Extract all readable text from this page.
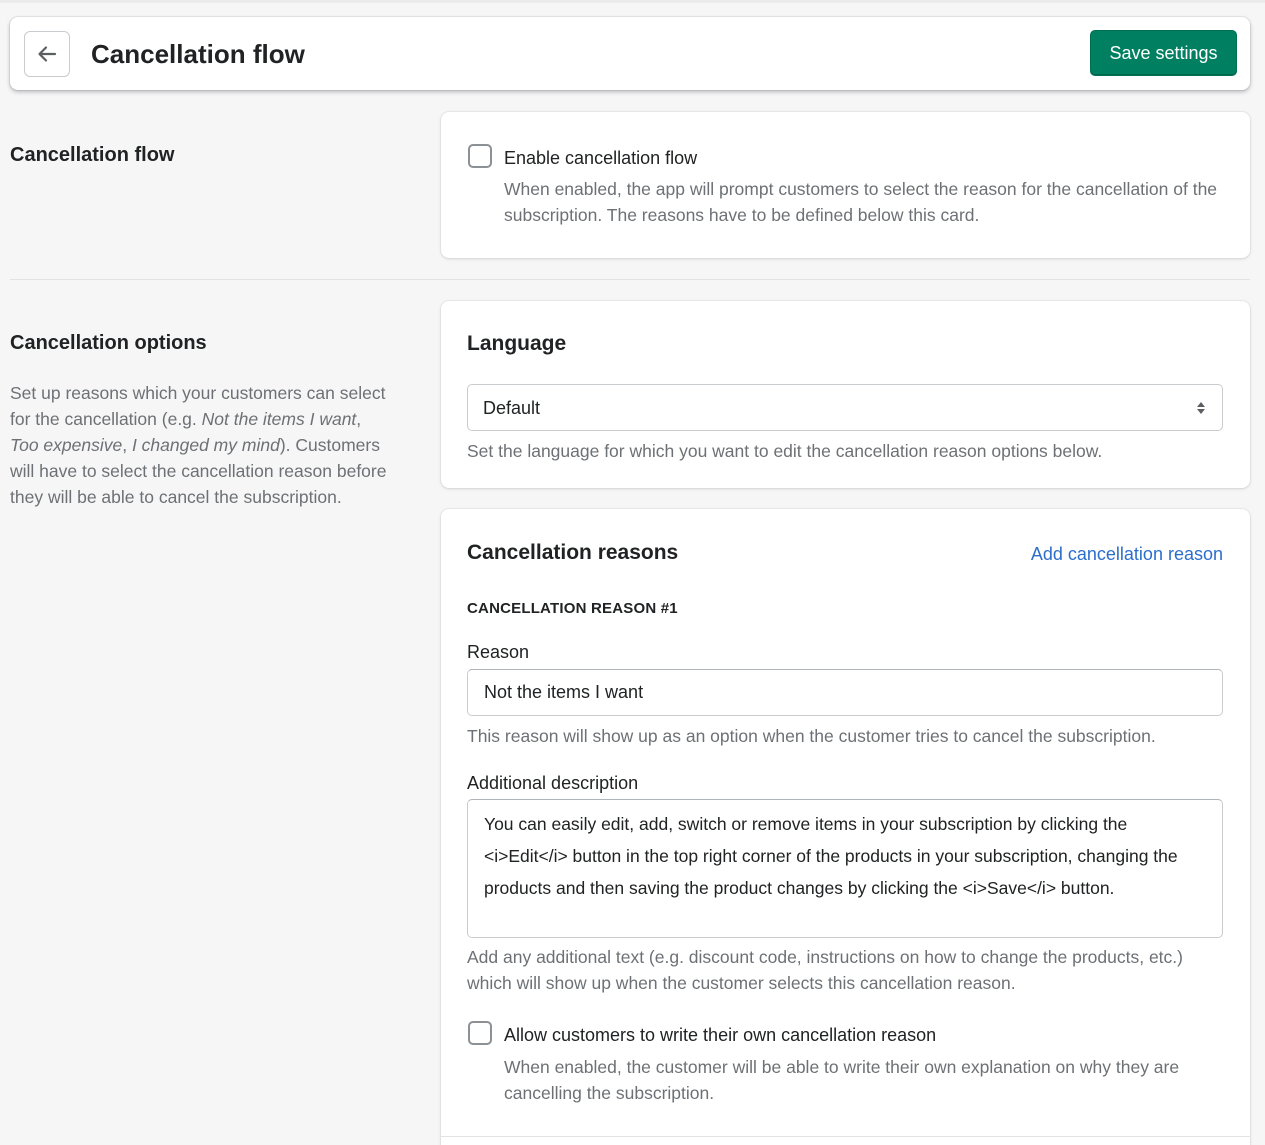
Cancellation flow	Save settings
Cancellation flow	Enable cancellation flow
When enabled, the app will prompt customers to select the reason for the cancellation of the subscription. The reasons have to be defined below this card.
Cancellation options
Set up reasons which your customers can select for the cancellation (e.g. Not the items I want, Too expensive, I changed my mind). Customers will have to select the cancellation reason before they will be able to cancel the subscription.
Language
Default
Set the language for which you want to edit the cancellation reason options below.
Cancellation reasons	Add cancellation reason
CANCELLATION REASON #1
Reason
Not the items I want
This reason will show up as an option when the customer tries to cancel the subscription.
Additional description
You can easily edit, add, switch or remove items in your subscription by clicking the <i>Edit</i> button in the top right corner of the products in your subscription, changing the products and then saving the product changes by clicking the <i>Save</i> button.
Add any additional text (e.g. discount code, instructions on how to change the products, etc.) which will show up when the customer selects this cancellation reason.
Allow customers to write their own cancellation reason
When enabled, the customer will be able to write their own explanation on why they are cancelling the subscription.
